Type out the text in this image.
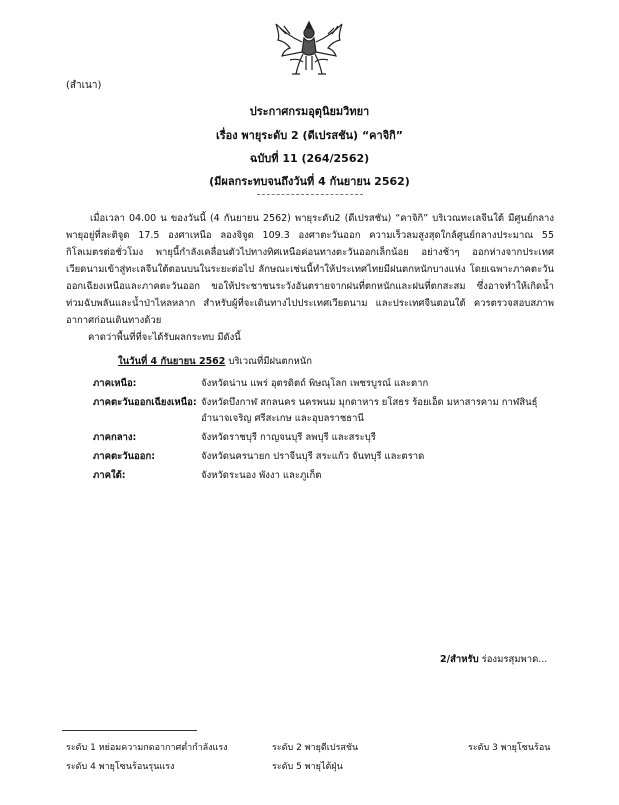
(สำเนา)
ประกาศกรมอุตุนิยมวิทยา
เรื่อง พายุระดับ 2 (ดีเปรสชัน) “คาจิกิ”
ฉบับที่ 11 (264/2562)
(มีผลกระทบจนถึงวันที่ 4 กันยายน 2562)
เมื่อเวลา 04.00 น ของวันนี้ (4 กันยายน 2562) พายุระดับ2 (ดีเปรสชัน) “คาจิกิ” บริเวณทะเลจีนใต้ มีศูนย์กลางพายุอยู่ที่ละติจูด 17.5 องศาเหนือ ลองจิจูด 109.3 องศาตะวันออก ความเร็วลมสูงสุดใกล้ศูนย์กลางประมาณ 55 กิโลเมตรต่อชั่วโมง พายุนี้กำลังเคลื่อนตัวไปทางทิศเหนือค่อนทางตะวันออกเล็กน้อย อย่างช้าๆ ออกห่างจากประเทศเวียดนามเข้าสู่ทะเลจีนใต้ตอนบนในระยะต่อไป ลักษณะเช่นนี้ทำให้ประเทศไทยมีฝนตกหนักบางแห่ง โดยเฉพาะภาคตะวันออกเฉียงเหนือและภาคตะวันออก ขอให้ประชาชนระวังอันตรายจากฝนที่ตกหนักและฝนที่ตกสะสม ซึ่งอาจทำให้เกิดน้ำท่วมฉับพลันและน้ำป่าไหลหลาก สำหรับผู้ที่จะเดินทางไปประเทศเวียดนาม และประเทศจีนตอนใต้ ควรตรวจสอบสภาพอากาศก่อนเดินทางด้วย
คาดว่าพื้นที่ที่จะได้รับผลกระทบ มีดังนี้
ในวันที่ 4 กันยายน 2562 บริเวณที่มีฝนตกหนัก
ภาคเหนือ:	จังหวัดน่าน แพร่ อุตรดิตถ์ พิษณุโลก เพชรบูรณ์ และตาก
ภาคตะวันออกเฉียงเหนือ: จังหวัดบึงกาฬ สกลนคร นครพนม มุกดาหาร ยโสธร ร้อยเอ็ด มหาสารคาม กาฬสินธุ์ อำนาจเจริญ ศรีสะเกษ และอุบลราชธานี
ภาคกลาง:	จังหวัดราชบุรี กาญจนบุรี ลพบุรี และสระบุรี
ภาคตะวันออก:	จังหวัดนครนายก ปราจีนบุรี สระแก้ว จันทบุรี และตราด
ภาคใต้:	จังหวัดระนอง พังงา และภูเก็ต
2/สำหรับ ร่องมรสุมพาด...
ระดับ 1 หย่อมความกดอากาศต่ำกำลังแรง	ระดับ 2 พายุดีเปรสชัน	ระดับ 3 พายุโซนร้อน
ระดับ 4 พายุโซนร้อนรุนแรง	ระดับ 5 พายุไต้ฝุ่น
